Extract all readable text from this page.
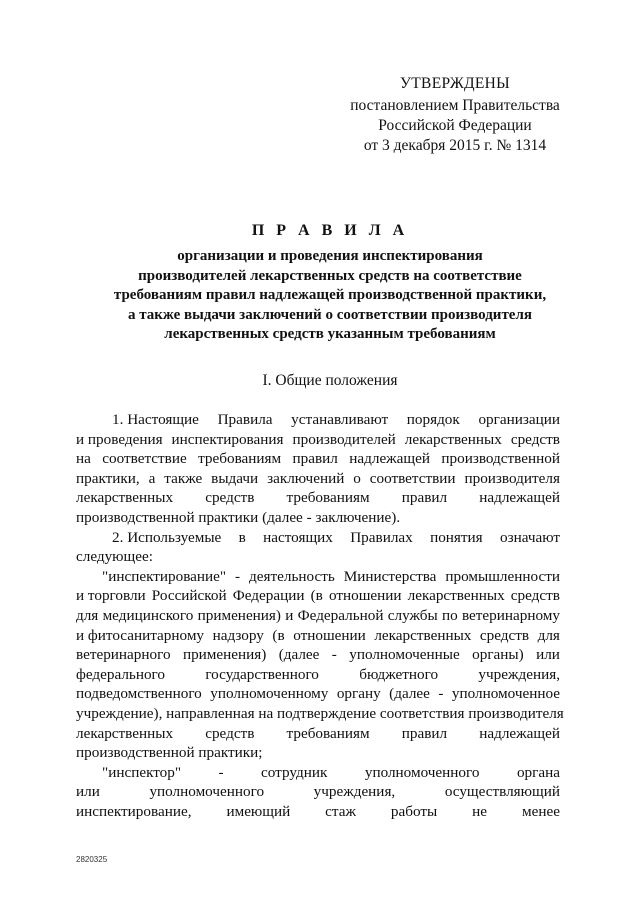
УТВЕРЖДЕНЫ
постановлением Правительства
Российской Федерации
от 3 декабря 2015 г. № 1314
П Р А В И Л А
организации и проведения инспектирования
производителей лекарственных средств на соответствие
требованиям правил надлежащей производственной практики,
а также выдачи заключений о соответствии производителя
лекарственных средств указанным требованиям
I. Общие положения
1. Настоящие Правила устанавливают порядок организации
и проведения инспектирования производителей лекарственных средств
на соответствие требованиям правил надлежащей производственной
практики, а также выдачи заключений о соответствии производителя
лекарственных средств требованиям правил надлежащей
производственной практики (далее - заключение).
2. Используемые в настоящих Правилах понятия означают
следующее:
"инспектирование" - деятельность Министерства промышленности
и торговли Российской Федерации (в отношении лекарственных средств
для медицинского применения) и Федеральной службы по ветеринарному
и фитосанитарному надзору (в отношении лекарственных средств для
ветеринарного применения) (далее - уполномоченные органы) или
федерального	государственного	бюджетного	учреждения,
подведомственного уполномоченному органу (далее - уполномоченное
учреждение), направленная на подтверждение соответствия производителя
лекарственных средств требованиям правил надлежащей
производственной практики;
"инспектор" - сотрудник уполномоченного органа
или	уполномоченного	учреждения,	осуществляющий
инспектирование, имеющий стаж работы не менее
2820325
